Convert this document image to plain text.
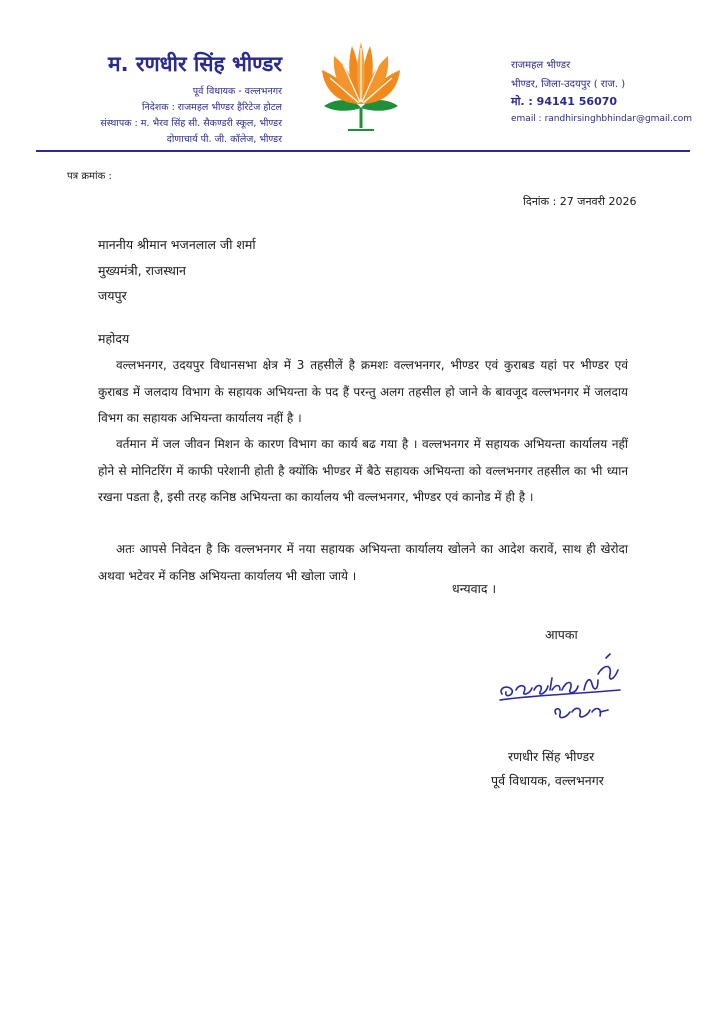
म. रणधीर सिंह भीण्डर
पूर्व विधायक - वल्लभनगर
निदेशक : राजमहल भीण्डर हैरिटेज होटल
संस्थापक : म. भैरव सिंह सी. सैकण्डरी स्कूल, भीण्डर
दोणाचार्य पी. जी. कॉलेज, भीण्डर
राजमहल भीण्डर
भीण्डर, जिला-उदयपुर ( राज. )
मो. : 94141 56070
email : randhirsinghbhindar@gmail.com
पत्र क्रमांक :
दिनांक : 27 जनवरी 2026
माननीय श्रीमान भजनलाल जी शर्मा
मुख्यमंत्री, राजस्थान
जयपुर
महोदय
वल्लभनगर, उदयपुर विधानसभा क्षेत्र में 3 तहसीलें है क्रमशः वल्लभनगर, भीण्डर एवं कुराबड यहां पर भीण्डर एवं कुराबड में जलदाय विभाग के सहायक अभियन्ता के पद हैं परन्तु अलग तहसील हो जाने के बावजूद वल्लभनगर में जलदाय विभग का सहायक अभियन्ता कार्यालय नहीं है ।
वर्तमान में जल जीवन मिशन के कारण विभाग का कार्य बढ गया है । वल्लभनगर में सहायक अभियन्ता कार्यालय नहीं होने से मोनिटरिंग में काफी परेशानी होती है क्योंकि भीण्डर में बैठे सहायक अभियन्ता को वल्लभनगर तहसील का भी ध्यान रखना पडता है, इसी तरह कनिष्ठ अभियन्ता का कार्यालय भी वल्लभनगर, भीण्डर एवं कानोड में ही है ।
अतः आपसे निवेदन है कि वल्लभनगर में नया सहायक अभियन्ता कार्यालय खोलने का आदेश करावें, साथ ही खेरोदा अथवा भटेवर में कनिष्ठ अभियन्ता कार्यालय भी खोला जाये ।
धन्यवाद ।
आपका
रणधीर सिंह भीण्डर
पूर्व विधायक, वल्लभनगर
